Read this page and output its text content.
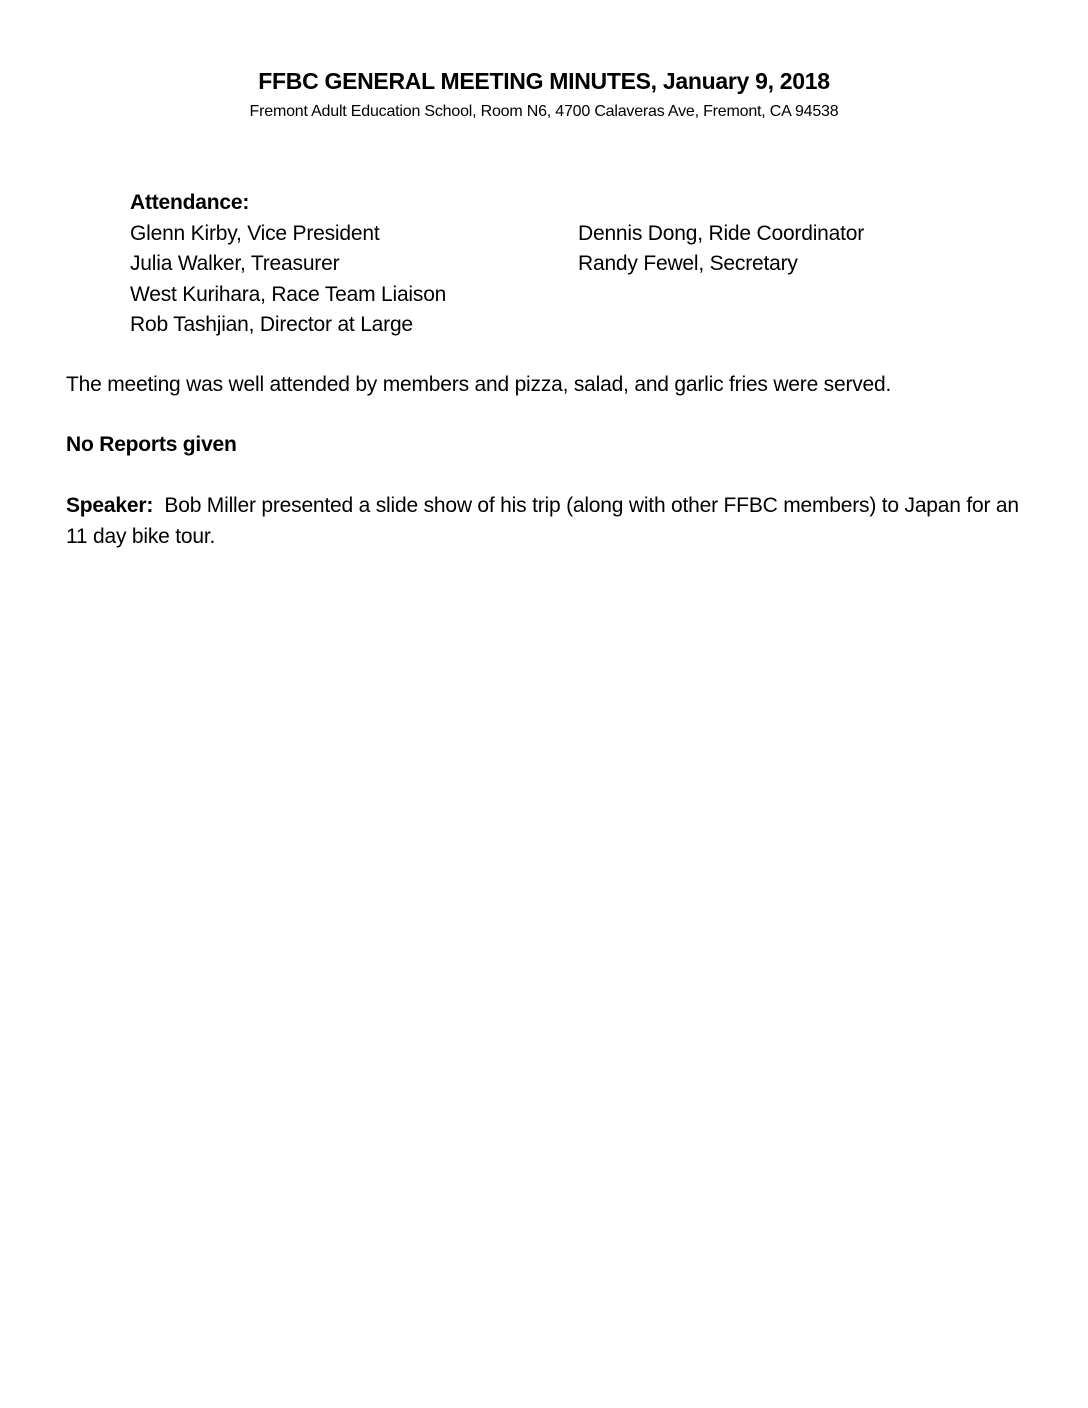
FFBC GENERAL MEETING MINUTES, January 9, 2018
Fremont Adult Education School, Room N6, 4700 Calaveras Ave, Fremont, CA 94538
Attendance:
Glenn Kirby, Vice President
Julia Walker, Treasurer
West Kurihara, Race Team Liaison
Rob Tashjian, Director at Large
Dennis Dong, Ride Coordinator
Randy Fewel, Secretary
The meeting was well attended by members and pizza, salad, and garlic fries were served.
No Reports given
Speaker: Bob Miller presented a slide show of his trip (along with other FFBC members) to Japan for an 11 day bike tour.
